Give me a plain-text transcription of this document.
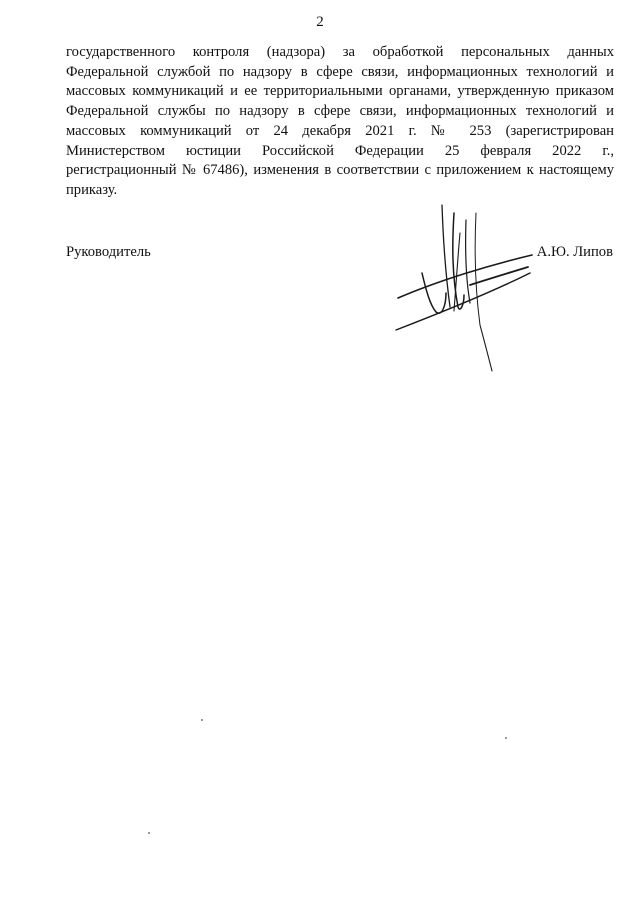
2
государственного контроля (надзора) за обработкой персональных данных
Федеральной службой по надзору в сфере связи, информационных технологий и
массовых коммуникаций и ее территориальными органами, утвержденную приказом
Федеральной службы по надзору в сфере связи, информационных технологий и
массовых коммуникаций от 24 декабря 2021 г. № 253 (зарегистрирован
Министерством юстиции Российской Федерации 25 февраля 2022 г.,
регистрационный № 67486), изменения в соответствии с приложением к настоящему
приказу.
Руководитель	А.Ю. Липов
